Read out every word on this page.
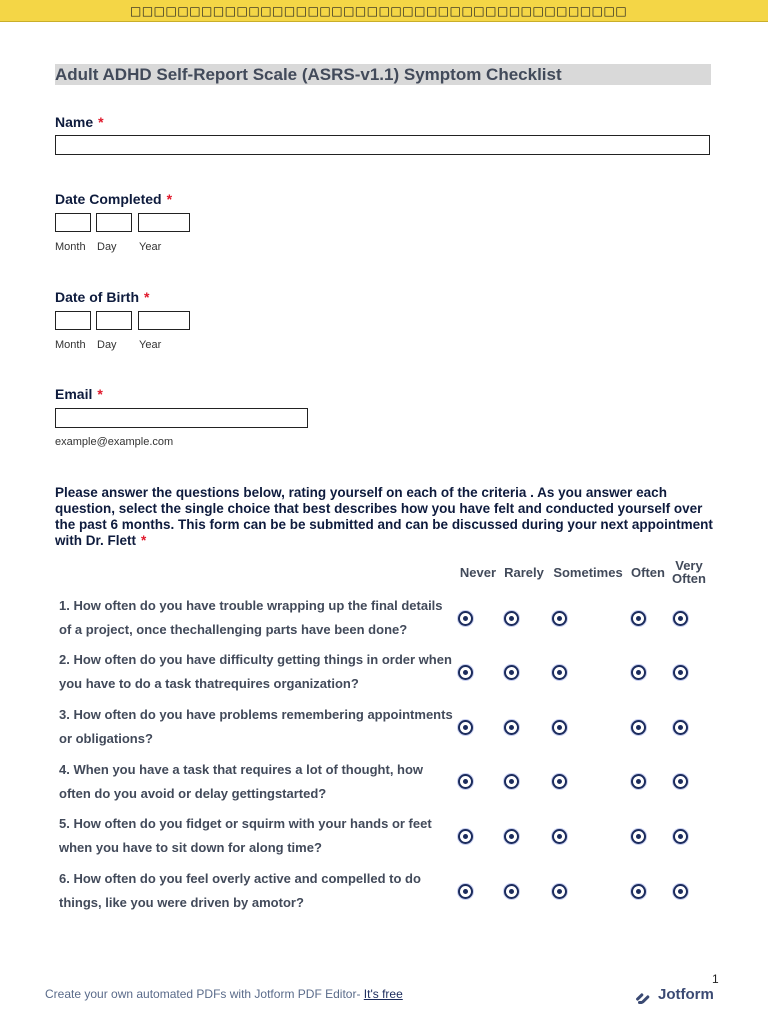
□□□□□□□□□□□□□□□□□□□□□□□□□□□□□□□□□□□□□□□□□□
Adult ADHD Self-Report Scale (ASRS-v1.1) Symptom Checklist
Name *
Date Completed *
Month Day Year
Date of Birth *
Month Day Year
Email *
example@example.com
Please answer the questions below, rating yourself on each of the criteria . As you answer each question, select the single choice that best describes how you have felt and conducted yourself over the past 6 months. This form can be be submitted and can be discussed during your next appointment with Dr. Flett *
Never Rarely Sometimes Often Very Often
1. How often do you have trouble wrapping up the final details of a project, once thechallenging parts have been done?
2. How often do you have difficulty getting things in order when you have to do a task thatrequires organization?
3. How often do you have problems remembering appointments or obligations?
4. When you have a task that requires a lot of thought, how often do you avoid or delay gettingstarted?
5. How often do you fidget or squirm with your hands or feet when you have to sit down for along time?
6. How often do you feel overly active and compelled to do things, like you were driven by amotor?
1
Create your own automated PDFs with Jotform PDF Editor- It's free	Jotform
